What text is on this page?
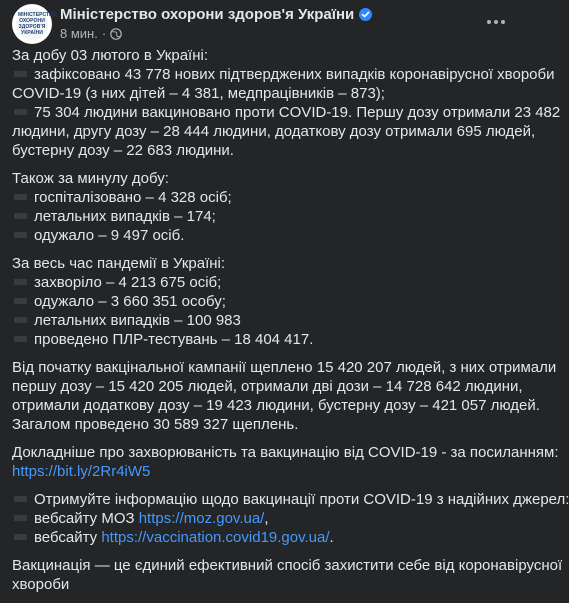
МІНІСТЕРСТВО ОХОРОНИ ЗДОРОВ'Я УКРАЇНИ
Міністерство охорони здоров'я України
8 мин. ·
За добу 03 лютого в Україні:
зафіксовано 43 778 нових підтверджених випадків коронавірусної хвороби
COVID-19 (з них дітей – 4 381, медпрацівників – 873);
75 304 людини вакциновано проти COVID-19. Першу дозу отримали 23 482
людини, другу дозу – 28 444 людини, додаткову дозу отримали 695 людей,
бустерну дозу – 22 683 людини.
Також за минулу добу:
госпіталізовано – 4 328 осіб;
летальних випадків – 174;
одужало – 9 497 осіб.
За весь час пандемії в Україні:
захворіло – 4 213 675 осіб;
одужало – 3 660 351 особу;
летальних випадків – 100 983
проведено ПЛР-тестувань – 18 404 417.
Від початку вакцінальної кампанії щеплено 15 420 207 людей, з них отримали
першу дозу – 15 420 205 людей, отримали дві дози – 14 728 642 людини,
отримали додаткову дозу – 19 423 людини, бустерну дозу – 421 057 людей.
Загалом проведено 30 589 327 щеплень.
Докладніше про захворюваність та вакцинацію від COVID-19 - за посиланням:
https://bit.ly/2Rr4iW5
Отримуйте інформацію щодо вакцинації проти COVID-19 з надійних джерел:
вебсайту МОЗ https://moz.gov.ua/,
вебсайту https://vaccination.covid19.gov.ua/.
Вакцинація — це єдиний ефективний спосіб захистити себе від коронавірусної
хвороби
